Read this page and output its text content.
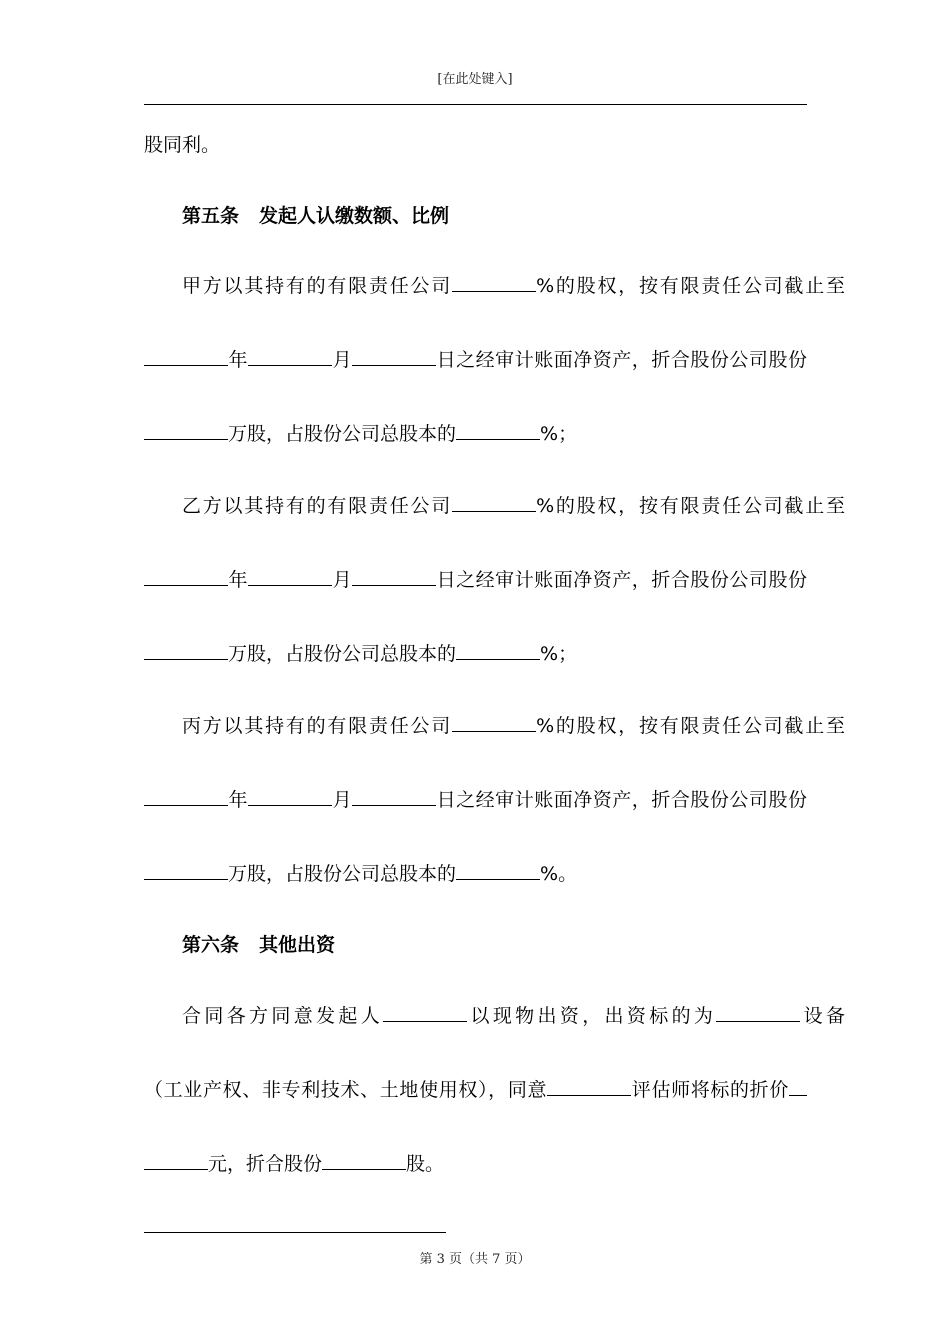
[在此处键入]
股同利。
第五条 发起人认缴数额、比例
甲方以其持有的有限责任公司	%的股权，按有限责任公司截止至
年	月	日之经审计账面净资产，折合股份公司股份
万股，占股份公司总股本的	%；
乙方以其持有的有限责任公司	%的股权，按有限责任公司截止至
年	月	日之经审计账面净资产，折合股份公司股份
万股，占股份公司总股本的	%；
丙方以其持有的有限责任公司	%的股权，按有限责任公司截止至
年	月	日之经审计账面净资产，折合股份公司股份
万股，占股份公司总股本的	%。
第六条 其他出资
合同各方同意发起人	以现物出资，出资标的为	设备
（工业产权、非专利技术、土地使用权），同意	评估师将标的折价
元，折合股份	股。
第 3 页（共 7 页）
